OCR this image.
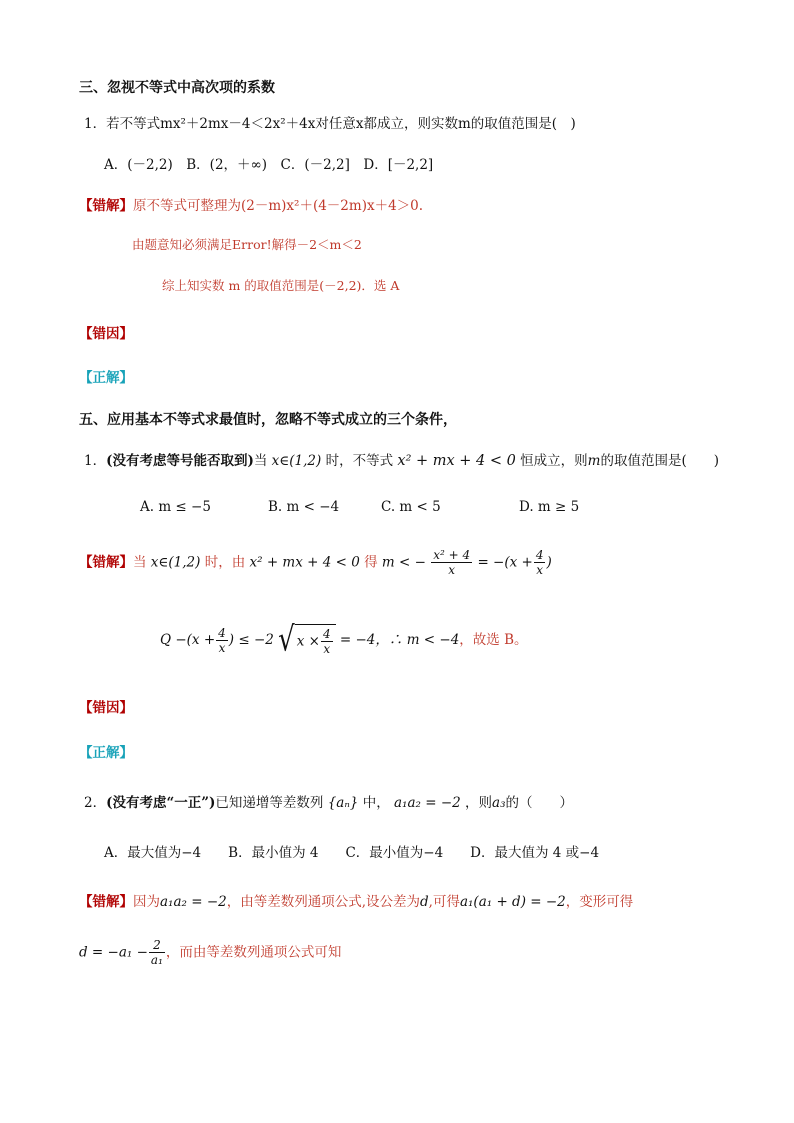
三、忽视不等式中高次项的系数
1．若不等式mx²＋2mx－4＜2x²＋4x对任意x都成立，则实数m的取值范围是(　)
A．(－2,2)　B．(2，＋∞)　C．(－2,2]　D．[－2,2]
【错解】原不等式可整理为(2－m)x²＋(4－2m)x＋4＞0.
由题意知必须满足Error!解得－2＜m＜2
综上知实数 m 的取值范围是(－2,2)．选 A
【错因】
【正解】
五、应用基本不等式求最值时，忽略不等式成立的三个条件，
1．(没有考虑等号能否取到)当 x∈(1,2) 时，不等式 x² + mx + 4 < 0 恒成立，则m的取值范围是(　　)
A. m ≤ −5	B. m < −4	C. m < 5	D. m ≥ 5
【错解】当 x∈(1,2) 时，由 x² + mx + 4 < 0 得 m < − $\frac{\text{x² + 4}}{x} = -(x + \frac{4}{x}$ )
$Q -(x + \frac{4}{x}$ ) ≤ −2 √ $x \times \frac{4}{x} = -4$，∴ m < −4，故选 B。
【错因】
【正解】
2．(没有考虑“一正”)已知递增等差数列 {aₙ} 中， a₁a₂ = −2 ，则a₃的（　　）
A．最大值为−4　　B．最小值为 4　　C．最小值为−4　　D．最大值为 4 或−4
【错解】因为a₁a₂ = −2，由等差数列通项公式,设公差为d,可得a₁(a₁ + d) = −2，变形可得
$d = -a_1 - \frac{2}{\text{a₁}}$ ，而由等差数列通项公式可知
